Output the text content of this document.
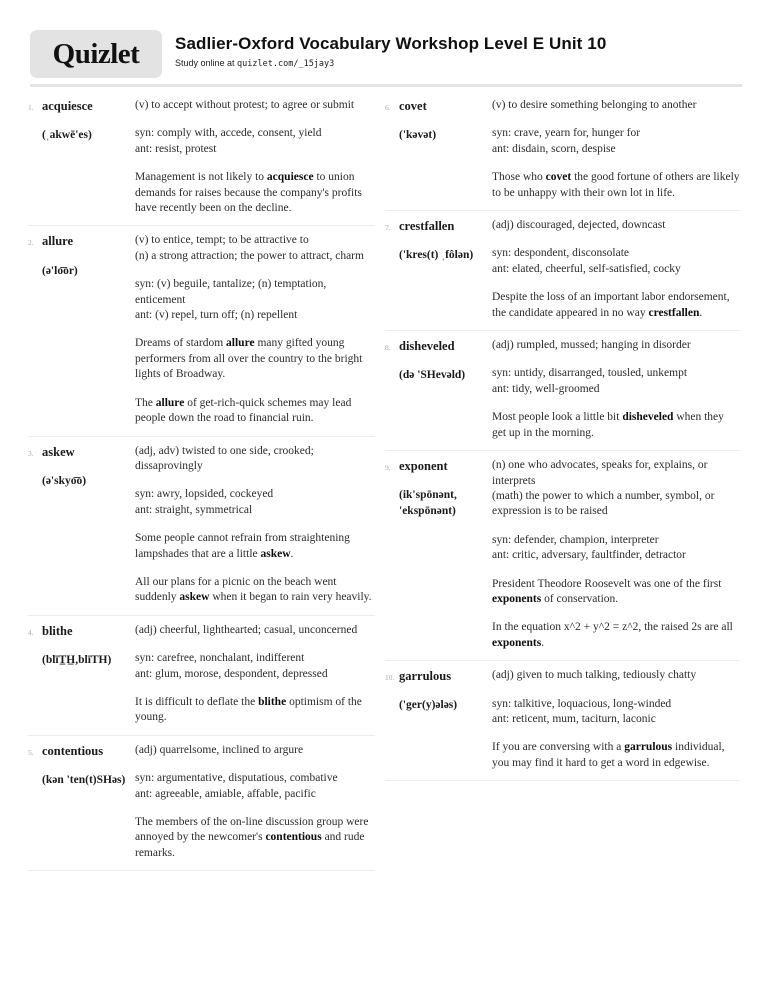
Quizlet	Sadlier-Oxford Vocabulary Workshop Level E Unit 10
Study online at quizlet.com/_15jay3
1. acquiesce
(ˌakwē'es)
(v) to accept without protest; to agree or submit
syn: comply with, accede, consent, yield
ant: resist, protest
Management is not likely to acquiesce to union demands for raises because the company's profits have recently been on the decline.
2. allure
(ə'lo͞or)
(v) to entice, tempt; to be attractive to
(n) a strong attraction; the power to attract, charm
syn: (v) beguile, tantalize; (n) temptation, enticement
ant: (v) repel, turn off; (n) repellent
Dreams of stardom allure many gifted young performers from all over the country to the bright lights of Broadway.
The allure of get-rich-quick schemes may lead people down the road to financial ruin.
3. askew
(ə'skyo͞o)
(adj, adv) twisted to one side, crooked; dissaprovingly
syn: awry, lopsided, cockeyed
ant: straight, symmetrical
Some people cannot refrain from straightening lampshades that are a little askew.
All our plans for a picnic on the beach went suddenly askew when it began to rain very heavily.
4. blithe
(blīT̲H̲,blīTH)
(adj) cheerful, lighthearted; casual, unconcerned
syn: carefree, nonchalant, indifferent
ant: glum, morose, despondent, depressed
It is difficult to deflate the blithe optimism of the young.
5. contentious
(kən 'ten(t)SHəs)
(adj) quarrelsome, inclined to argure
syn: argumentative, disputatious, combative
ant: agreeable, amiable, affable, pacific
The members of the on-line discussion group were annoyed by the newcomer's contentious and rude remarks.
6. covet
('kəvət)
(v) to desire something belonging to another
syn: crave, yearn for, hunger for
ant: disdain, scorn, despise
Those who covet the good fortune of others are likely to be unhappy with their own lot in life.
7. crestfallen
('kres(t) ˌfôlən)
(adj) discouraged, dejected, downcast
syn: despondent, disconsolate
ant: elated, cheerful, self-satisfied, cocky
Despite the loss of an important labor endorsement, the candidate appeared in no way crestfallen.
8. disheveled
(də 'SHevəld)
(adj) rumpled, mussed; hanging in disorder
syn: untidy, disarranged, tousled, unkempt
ant: tidy, well-groomed
Most people look a little bit disheveled when they get up in the morning.
9. exponent
(ik'spōnənt, 'ekspōnənt)
(n) one who advocates, speaks for, explains, or interprets
(math) the power to which a number, symbol, or expression is to be raised
syn: defender, champion, interpreter
ant: critic, adversary, faultfinder, detractor
President Theodore Roosevelt was one of the first exponents of conservation.
In the equation x^2 + y^2 = z^2, the raised 2s are all exponents.
10. garrulous
('ger(y)ələs)
(adj) given to much talking, tediously chatty
syn: talkitive, loquacious, long-winded
ant: reticent, mum, taciturn, laconic
If you are conversing with a garrulous individual, you may find it hard to get a word in edgewise.
